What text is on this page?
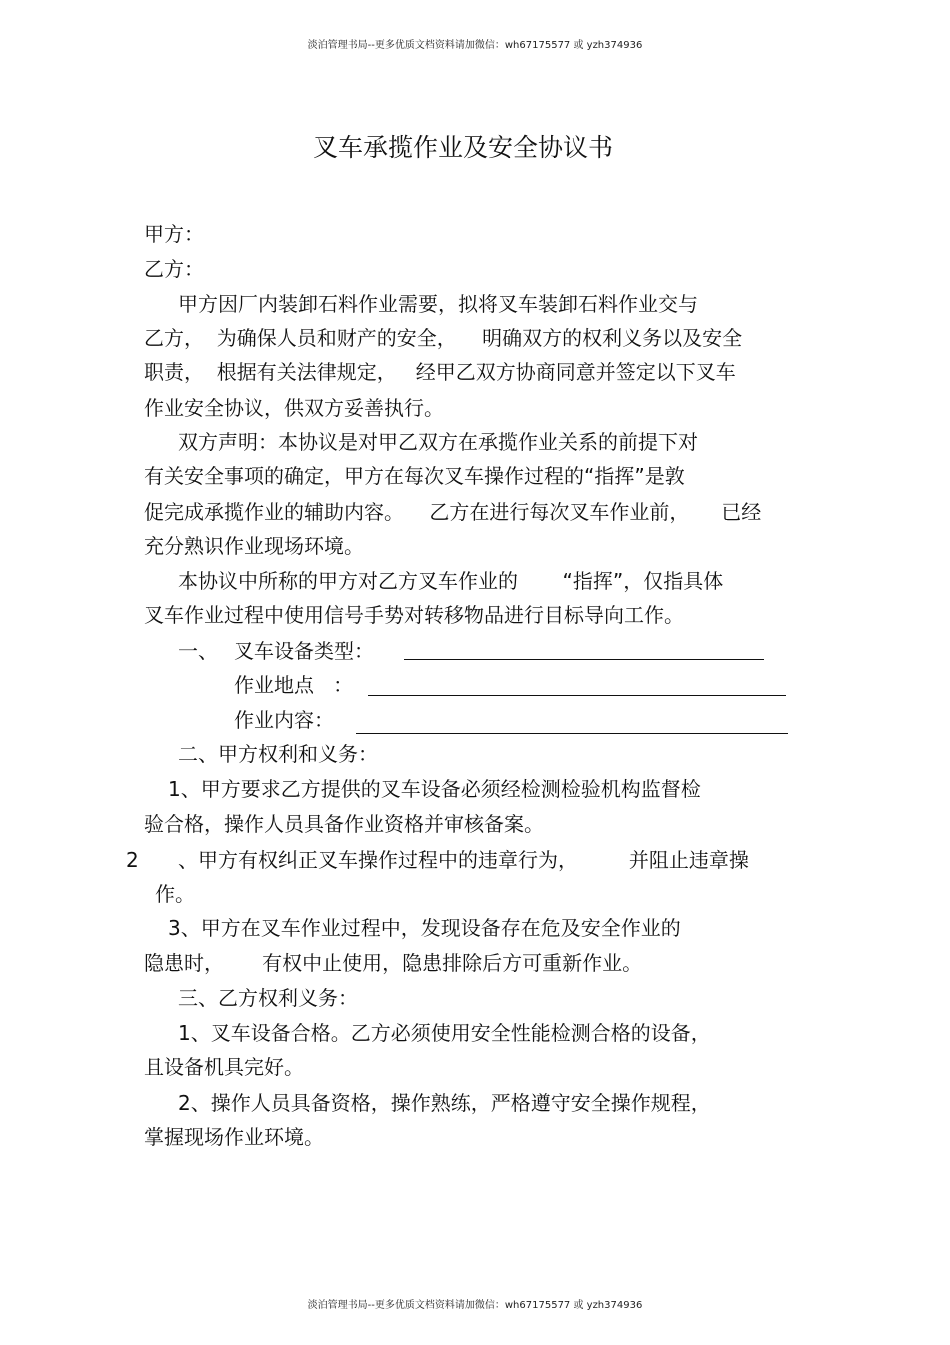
淡泊管理书局--更多优质文档资料请加微信：wh67175577 或 yzh374936
叉车承揽作业及安全协议书
甲方：
乙方：
甲方因厂内装卸石料作业需要，拟将叉车装卸石料作业交与
乙方，  为确保人员和财产的安全，    明确双方的权利义务以及安全
职责，  根据有关法律规定，   经甲乙双方协商同意并签定以下叉车
作业安全协议，供双方妥善执行。
双方声明：本协议是对甲乙双方在承揽作业关系的前提下对
有关安全事项的确定，甲方在每次叉车操作过程的“指挥”是敦
促完成承揽作业的辅助内容。    乙方在进行每次叉车作业前，     已经
充分熟识作业现场环境。
本协议中所称的甲方对乙方叉车作业的       “指挥”，仅指具体
叉车作业过程中使用信号手势对转移物品进行目标导向工作。
一、 叉车设备类型：
作业地点   ：
作业内容：
二、甲方权利和义务：
1、甲方要求乙方提供的叉车设备必须经检测检验机构监督检
验合格，操作人员具备作业资格并审核备案。
2 、甲方有权纠正叉车操作过程中的违章行为，        并阻止违章操
作。
3、甲方在叉车作业过程中，发现设备存在危及安全作业的
隐患时，      有权中止使用，隐患排除后方可重新作业。
三、乙方权利义务：
1、叉车设备合格。乙方必须使用安全性能检测合格的设备，
且设备机具完好。
2、操作人员具备资格，操作熟练，严格遵守安全操作规程，
掌握现场作业环境。
淡泊管理书局--更多优质文档资料请加微信：wh67175577 或 yzh374936
